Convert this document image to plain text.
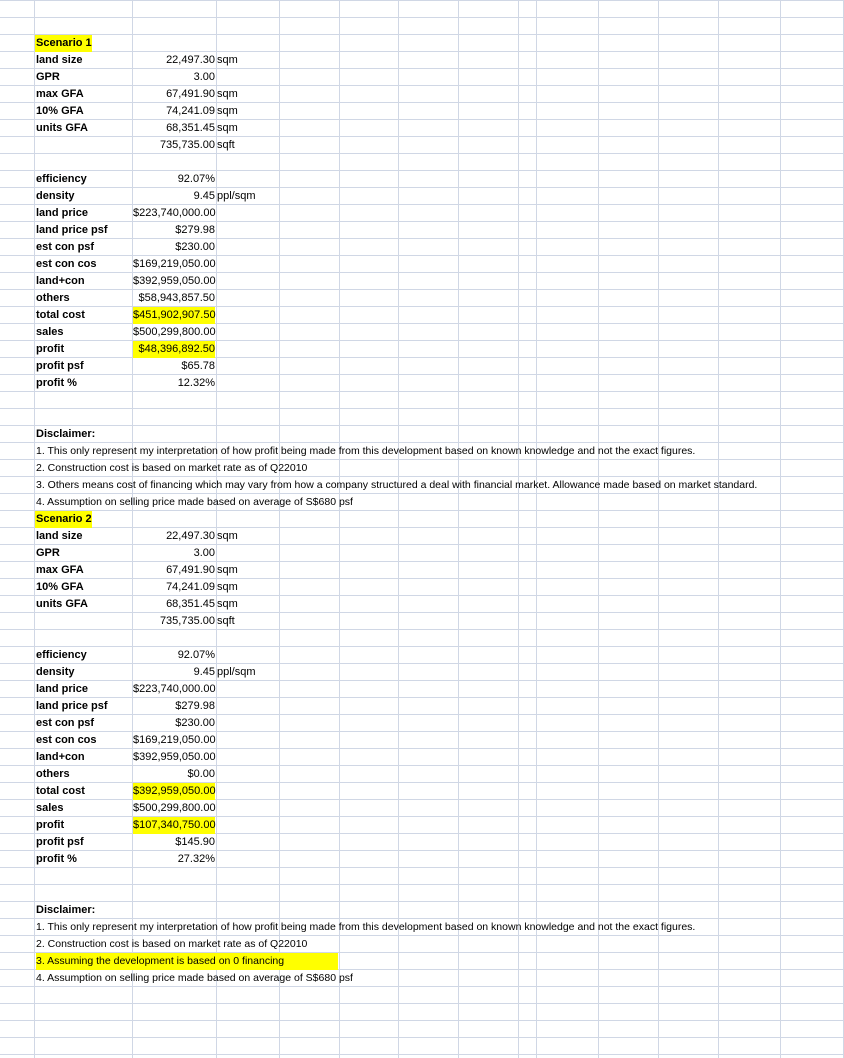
Scenario 1
land size	22,497.30 sqm
GPR	3.00
max GFA	67,491.90 sqm
10% GFA	74,241.09 sqm
units GFA	68,351.45 sqm
735,735.00 sqft
efficiency	92.07%
density	9.45 ppl/sqm
land price	$223,740,000.00
land price psf	$279.98
est con psf	$230.00
est con cos	$169,219,050.00
land+con	$392,959,050.00
others	$58,943,857.50
total cost	$451,902,907.50
sales	$500,299,800.00
profit	$48,396,892.50
profit psf	$65.78
profit %	12.32%
Disclaimer:
1. This only represent my interpretation of how profit being made from this development based on known knowledge and not the exact figures.
2. Construction cost is based on market rate as of Q22010
3. Others means cost of financing which may vary from how a company structured a deal with financial market. Allowance made based on market standard.
4. Assumption on selling price made based on average of S$680 psf
Scenario 2
land size	22,497.30 sqm
GPR	3.00
max GFA	67,491.90 sqm
10% GFA	74,241.09 sqm
units GFA	68,351.45 sqm
735,735.00 sqft
efficiency	92.07%
density	9.45 ppl/sqm
land price	$223,740,000.00
land price psf	$279.98
est con psf	$230.00
est con cos	$169,219,050.00
land+con	$392,959,050.00
others	$0.00
total cost	$392,959,050.00
sales	$500,299,800.00
profit	$107,340,750.00
profit psf	$145.90
profit %	27.32%
Disclaimer:
1. This only represent my interpretation of how profit being made from this development based on known knowledge and not the exact figures.
2. Construction cost is based on market rate as of Q22010
3. Assuming the development is based on 0 financing
4. Assumption on selling price made based on average of S$680 psf
